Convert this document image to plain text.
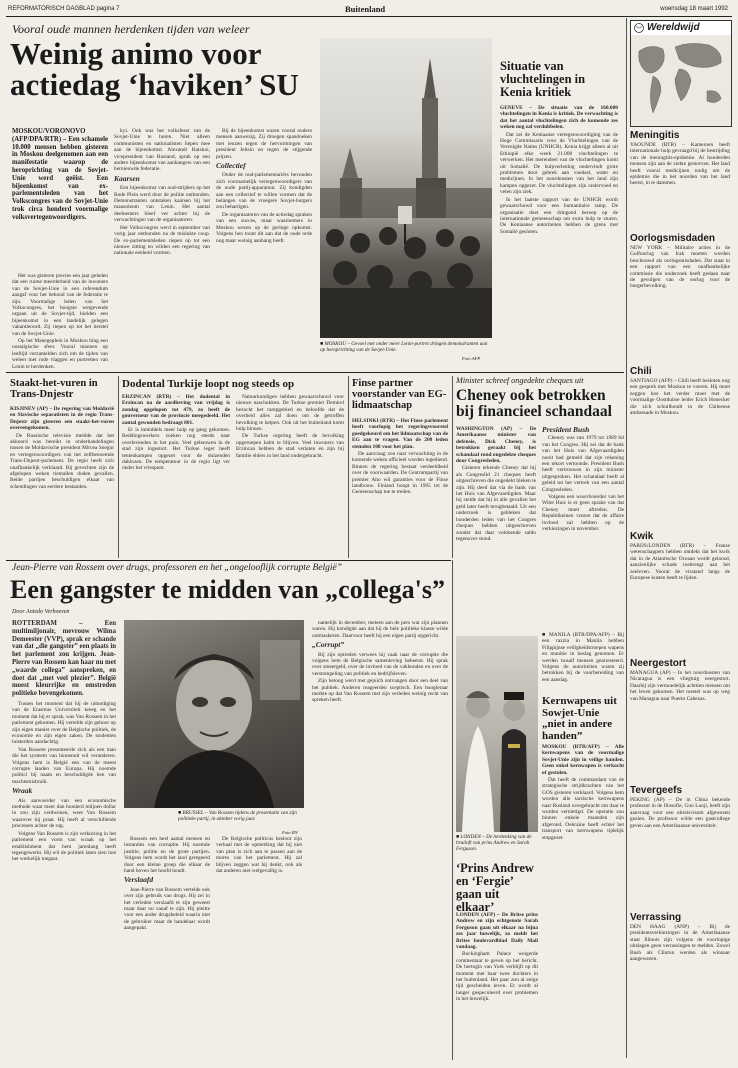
REFORMATORISCH DAGBLAD pagina 7	Buitenland	woensdag 18 maart 1992
Vooral oude mannen herdenken tijden van weleer
Weinig animo voor actiedag ‘haviken’ SU
MOSKOU/VORONOVO (AFP/DPA/RTR) – Een schamele 10.000 mensen hebben gisteren in Moskou deelgenomen aan een manifestatie waarop de heroprichting van de Sovjet-Unie werd geëist. Een bijeenkomst van ex-parlementsleden van het Volkscongres van de Sovjet-Unie trok circa honderd voormalige volksvertegenwoordigers.

Het was gisteren precies een jaar geleden dat een ruime meerderheid van de inwoners van de Sovjet-Unie in een referendum aangaf voor het behoud van de federatie te zijn. Voormalige leden van het Volkscongres, het hoogste wetgevende orgaan uit de Sovjet-tijd, hielden een bijeenkomst in een landelijk gelegen vakantieoord. Zij riepen op tot het herstel van de Sovjet-Unie.

Op het Manegeplein in Moskou hing een nostalgische sfeer. Vooral mannen op leeftijd verzamelden zich om de tijden van weleer met rode vlaggen en portretten van Lenin te herdenken.

kyi. Ook was het volksfeest van de Sovjet-Unie te horen. Niet alleen communisten en nationalisten liepen mee aan de bijeenkomst. Alexandr Rutskoi, vicepresident van Rusland, sprak op een andere bijeenkomst van aanhangers van een hernieuwde federatie.

Kaarsen

Een bijeenkomst van oud-strijders op het Rode Plein werd door de politie ontbonden. Demonstranten ontstaken kaarsen bij het mausoleum van Lenin. Het aantal deelnemers bleef ver achter bij de verwachtingen van de organisatoren.

Het Volkscongres werd in september van vorig jaar ontbonden na de mislukte coup. De ex-parlementsleden riepen op tot een nieuwe zitting en wilden een regering van nationale eenheid vormen.

Bij de bijeenkomst waren vooral oudere mensen aanwezig. Zij droegen spandoeken met leuzen tegen de hervormingen van president Jeltsin en tegen de stijgende prijzen.

Collectief

Onder de oud-parlementariërs bevonden zich voornamelijk vertegenwoordigers van de oude partij-apparatuur. Zij kondigden aan een collectief te willen vormen dat de belangen van de vroegere Sovjet-burgers zou behartigen.

De organisatoren van de actiedag spraken van een succes, maar waarnemers in Moskou wezen op de geringe opkomst. Volgens hen toont dit aan dat de oude orde nog maar weinig aanhang heeft.

■ MOSKOU – Gevoel met onder meer Lenin-portret dringen demonstranten aan op heroprichting van de Sovjet-Unie.
Foto AFP
Situatie van vluchtelingen in Kenia kritiek

GENEVE – De situatie van de 160.000 vluchtelingen in Kenia is kritiek. De verwachting is dat het aantal vluchtelingen zich de komende zes weken nog zal verdubbelen.

Dat zei de Keniaanse vertegenwoordiging van de Hoge Commissaris voor de Vluchtelingen van de Verenigde Naties (UNHCR). Kenia krijgt alleen al uit Ethiopië elke week 21.000 vluchtelingen te verwerken. Het merendeel van de vluchtelingen komt uit Somalië. De hulpverlening ondervindt grote problemen door gebrek aan voedsel, water en medicijnen. In het noordoosten van het land zijn kampen opgezet. De vluchtelingen zijn ondervoed en velen zijn ziek.

In het laatste rapport van de UNHCR wordt gewaarschuwd voor een humanitaire ramp. De organisatie doet een dringend beroep op de internationale gemeenschap om extra hulp te sturen. De Keniaanse autoriteiten hebben de grens met Somalië gesloten.

Wereldwijd
Meningitis
YAOUNDE (RTR) – Kameroen heeft internationale hulp gevraagd bij de bestrijding van de meningitis-epidemie. Al honderden mensen zijn aan de ziekte gestorven. Het land heeft vooral medicijnen nodig om de epidemie die in het noorden van het land heerst, in te dammen.
Oorlogsmisdaden
NEW YORK – Militaire acties in de Golfoorlog van Irak moeten worden beschouwd als oorlogsmisdaden. Dat staat in een rapport van een onafhankelijke commissie die onderzoek heeft gedaan naar de gevolgen van de oorlog voor de burgerbevolking.
Chili
SANTIAGO (AFP) – Chili heeft besloten nog een gesprek met Moskou te voeren. Hij moet zeggen hoe het verder moet met de voormalige Oostduitse leider Erich Honecker die zich schuilhoudt in de Chileense ambassade in Moskou.
Kwik
PARIJS/LONDEN (RTR) – Franse wetenschappers hebben ontdekt dat het kwik dat in de Atlantische Oceaan wordt geloosd, aanzienlijke schade toebrengt aan het zeeleven. Vooral de visstand langs de Europese kusten heeft te lijden.
Neergestort
MANAGUA (AP) – In het noordoosten van Nicaragua is een vliegtuig neergestort. Daarbij zijn vermoedelijk achttien mensen om het leven gekomen. Het toestel was op weg van Managua naar Puerto Cabezas.
Tevergeefs
PEKING (AP) – De in China bekende professor in de filosofie, Guo Luoji, heeft zijn aanvraag voor een uitreisvisum afgewezen gezien. De professor wilde een gastcollege geven aan een Amerikaanse universiteit.
Verrassing
DEN HAAG (ANP) – Bij de presidentsverkiezingen in de Amerikaanse staat Illinois zijn volgens de voorlopige uitslagen geen verrassingen te melden. Zowel Bush als Clinton werden als winnaar aangewezen.
Staakt-het-vuren in Trans-Dnjestr

KISJINEV (AP) – De regering van Moldavië en Slavische separatisten in de regio Trans-Dnjestr zijn gisteren een staakt-het-vuren overeengekomen.

De Russische televisie meldde dat het akkoord was bereikt in onderhandelingen tussen de Moldavische president Mircea Snegur en vertegenwoordigers van het zelfbenoemde Trans-Dnjestr-parlement. De regio heeft zich onafhankelijk verklaard. Bij gevechten zijn de afgelopen weken tientallen doden gevallen. Beide partijen beschuldigen elkaar van schendingen van eerdere bestanden.

Dodental Turkije loopt nog steeds op

ERZINCAN (RTR) – Het dodental in Erzincan na de aardbeving van vrijdag is zondag opgelopen tot 479, zo heeft de gouverneur van de provincie meegedeeld. Het aantal gewonden bedraagt 801.

Er is inmiddels meer hulp op gang gekomen. Reddingswerkers zoeken nog steeds naar overlevenden in het puin. Veel gebouwen in de stad zijn ingestort. Het Turkse leger heeft tentenkampen opgezet voor de duizenden daklozen. De temperatuur in de regio ligt ver onder het vriespunt.

Natuurkundigen hebben gewaarschuwd voor nieuwe naschokken. De Turkse premier Demirel bezocht het rampgebied en beloofde dat de overheid alles zal doen om de getroffen bevolking te helpen. Ook uit het buitenland komt hulp binnen.

De Turkse regering heeft de bevolking opgeroepen kalm te blijven. Veel inwoners van Erzincan hebben de stad verlaten en zijn bij familie elders in het land ondergebracht.

Finse partner voorstander van EG-lidmaatschap

HELSINKI (RTR) – Het Finse parlement heeft voorlopig het regeringsvoorstel goedgekeurd om het lidmaatschap van de EG aan te vragen. Van de 200 leden stemden 108 voor het plan.

De aanvraag zou naar verwachting in de komende weken officieel worden ingediend. Binnen de regering bestaat verdeeldheid over de voorwaarden. De Centrumpartij van premier Aho wil garanties voor de Finse landbouw. Finland hoopt in 1995 tot de Gemeenschap toe te treden.

Minister schreef ongedekte cheques uit
Cheney ook betrokken bij financieel schandaal

WASHINGTON (AP) – De Amerikaanse minister van defensie, Dick Cheney, is betrokken geraakt bij het schandaal rond ongedekte cheques door Congresleden.

Gisteren erkende Cheney dat hij als Congreslid 21 cheques heeft uitgeschreven die ongedekt bleken te zijn. Hij deed dat via de bank van het Huis van Afgevaardigden. Maar hij stelde dat hij in alle gevallen het geld later heeft terugbetaald. Uit een onderzoek is gebleken dat honderden leden van het Congres cheques hebben uitgeschreven zonder dat daar voldoende saldo tegenover stond.

President Bush

Cheney was van 1979 tot 1989 lid van het Congres. Hij zei dat de bank van het Huis van Afgevaardigden nooit had gemeld dat zijn rekening een tekort vertoonde. President Bush heeft vertrouwen in zijn minister uitgesproken. Het schandaal heeft al geleid tot het vertrek van een aantal Congresleden.

Volgens een woordvoerder van het Witte Huis is er geen sprake van dat Cheney moet aftreden. De Republikeinen vrezen dat de affaire invloed zal hebben op de verkiezingen in november.

Jean-Pierre van Rossem over drugs, professoren en het „ongelooflijk corrupte België”
Een gangster te midden van „collega's”
Door Aniedo Verhoeven

ROTTERDAM – Een multimiljonair, mevrouw Wilma Demeester (VVP), sprak er schande van dat „die gangster” een plaats in het parlement zou krijgen. Jean-Pierre van Rossem kan haar nu met „waarde collega” aanspreken, en doet dat „met veel plezier”. België moest kleurrijke en omstreden politieke bovengekomen.

Tussen het moment dat hij de uitnodiging van de Erasmus Universiteit kreeg en het moment dat hij er sprak, was Van Rossem in het parlement gekomen. Hij vertelde zijn gehoor op zijn eigen manier over de Belgische politiek, de economie en zijn eigen zaken. De studenten luisterden aandachtig.

Van Rossem presenteerde zich als een man die het systeem van binnenuit wil veranderen. Volgens hem is België een van de meest corrupte landen van Europa. Hij noemde politici bij naam en beschuldigde hen van machtsmisbruik.

Wraak

Als aanvoerder van een economische methode waar meer dan honderd miljoen dollar in zou zijn verdwenen, weet Van Rossem waarover hij praat. Hij heeft al verschillende processen achter de rug.

Volgens Van Rossem is zijn verkiezing in het parlement een vorm van wraak op het establishment dat hem jarenlang heeft tegengewerkt. Hij wil de politiek laten zien hoe het werkelijk toegaat.

■ BRUSSEL – Van Rossem tijdens de presentatie van zijn politieke partij, in oktober vorig jaar.
Foto RN

Rossem een heel aantal mensen en instanties van corruptie. Hij noemde justitie, politie en de grote partijen. Volgens hem wordt het land geregeerd door een kleine groep die elkaar de hand boven het hoofd houdt.

Verslaafd

Jean-Pierre van Rossem vertelde ook over zijn gebruik van drugs. Hij zei in het verleden verslaafd te zijn geweest maar daar nu vanaf te zijn. Hij pleitte voor een ander drugsbeleid waarin niet de gebruiker maar de handelaar wordt aangepakt.

De Belgische politicus besloot zijn verhaal met de opmerking dat hij niet van plan is zich aan te passen aan de mores van het parlement. Hij zal blijven zeggen wat hij denkt, ook als dat anderen niet welgevallig is.

namelijk in december, meteen aan de pers wat zijn plannen waren. Hij kondigde aan dat hij de hele politieke klasse wilde ontmaskeren. Daarvoor heeft hij een eigen partij opgericht.

„Corrupt”

Bij zijn optreden verwees hij vaak naar de corruptie die volgens hem de Belgische samenleving beheerst. Hij sprak over smeergeld, over de invloed van de vakbonden en over de verstrengeling van politiek en bedrijfsleven.

Zijn betoog werd met gejuich ontvangen door een deel van het publiek. Anderen reageerden sceptisch. Een hoogleraar merkte op dat Van Rossem met zijn verleden weinig recht van spreken heeft.

■ MANILA (RTR/DPA/AFP) – Bij een razzia in Manila hebben Filippijnse veiligheidstroepen wapens en munitie in beslag genomen. Er werden twaalf mensen gearresteerd. Volgens de autoriteiten waren zij betrokken bij de voorbereiding van een aanslag.

■ LONDEN – De herdenking van de bruiloft van prins Andrew en Sarah Ferguson.
‘Prins Andrew en ‘Fergie’ gaan uit elkaar’

LONDEN (AFP) – De Britse prins Andrew en zijn echtgenote Sarah Ferguson gaan uit elkaar na bijna zes jaar huwelijk, zo meldt het Britse boulevardblad Daily Mail vandaag.

Buckingham Palace weigerde commentaar te geven op het bericht. De hertogin van York verblijft op dit moment met haar twee dochters in het buitenland. Het paar zou al enige tijd gescheiden leven. Er wordt al langer gespeculeerd over problemen in het huwelijk.

Kernwapens uit Sowjet-Unie „niet in andere handen”

MOSKOU (RTR/AFP) – Alle kernwapens van de voormalige Sovjet-Unie zijn in veilige handen. Geen enkel kernwapen is verkocht of gestolen.

Dat heeft de commandant van de strategische strijdkrachten van het GOS gisteren verklaard. Volgens hem worden alle tactische kernwapens naar Rusland overgebracht om daar te worden vernietigd. De operatie zou binnen enkele maanden zijn afgerond. Oekraïne heeft echter het transport van kernwapens tijdelijk stopgezet.
